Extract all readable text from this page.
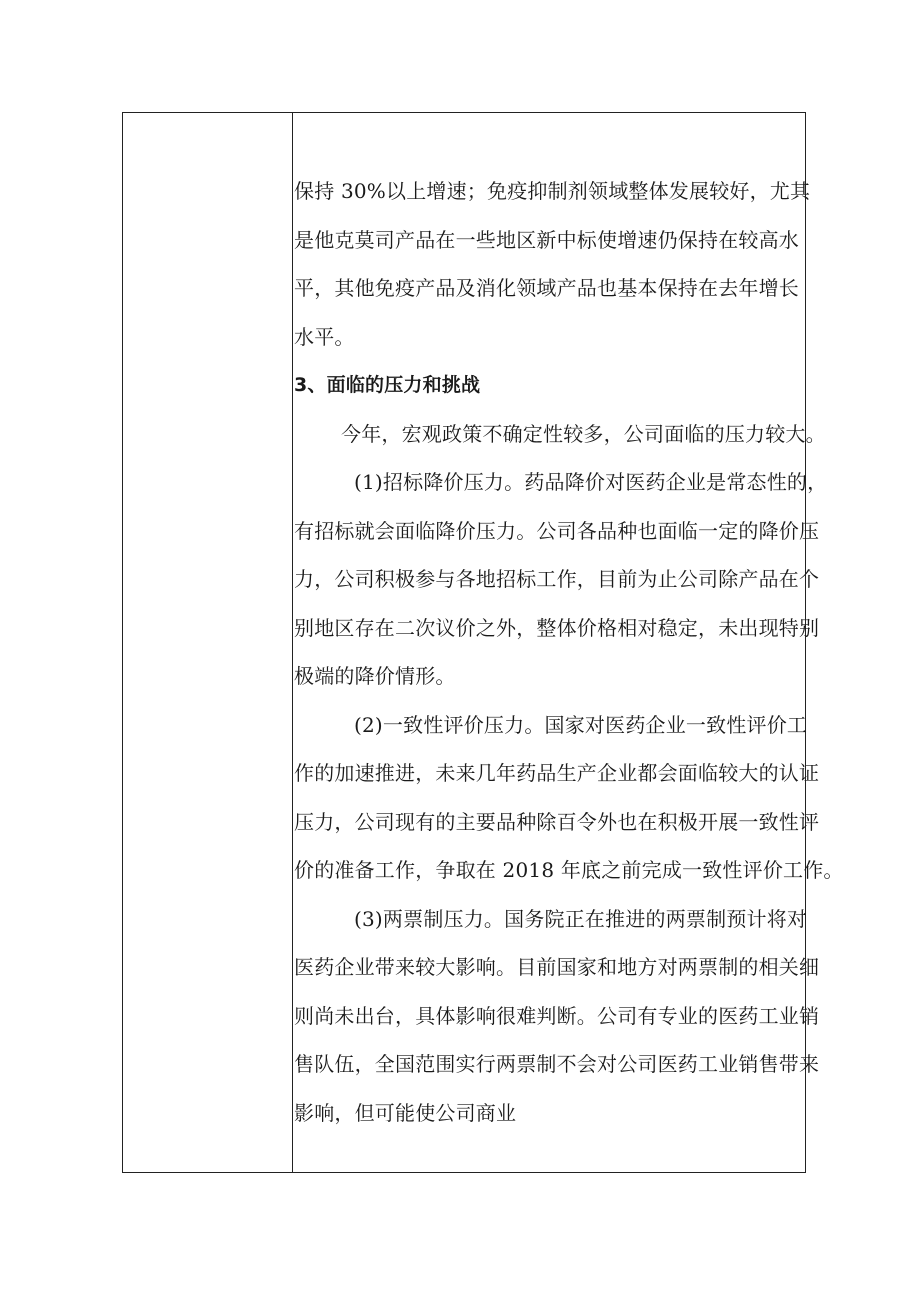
保持 30%以上增速；免疫抑制剂领域整体发展较好，尤其
是他克莫司产品在一些地区新中标使增速仍保持在较高水
平，其他免疫产品及消化领域产品也基本保持在去年增长
水平。
3、面临的压力和挑战
今年，宏观政策不确定性较多，公司面临的压力较大。
(1)招标降价压力。药品降价对医药企业是常态性的，
有招标就会面临降价压力。公司各品种也面临一定的降价压
力，公司积极参与各地招标工作，目前为止公司除产品在个
别地区存在二次议价之外，整体价格相对稳定，未出现特别
极端的降价情形。
(2)一致性评价压力。国家对医药企业一致性评价工
作的加速推进，未来几年药品生产企业都会面临较大的认证
压力，公司现有的主要品种除百令外也在积极开展一致性评
价的准备工作，争取在 2018 年底之前完成一致性评价工作。
(3)两票制压力。国务院正在推进的两票制预计将对
医药企业带来较大影响。目前国家和地方对两票制的相关细
则尚未出台，具体影响很难判断。公司有专业的医药工业销
售队伍，全国范围实行两票制不会对公司医药工业销售带来
影响，但可能使公司商业
